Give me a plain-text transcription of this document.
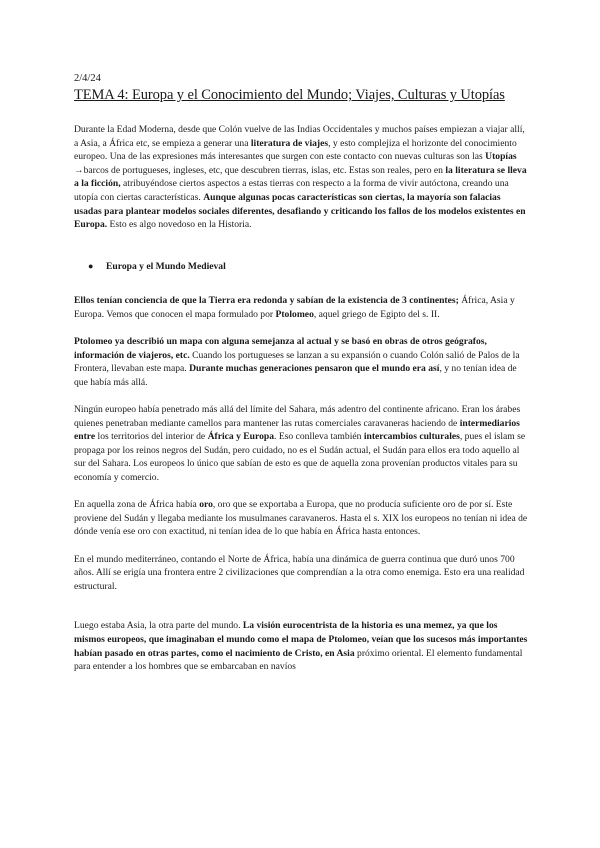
2/4/24

TEMA 4: Europa y el Conocimiento del Mundo; Viajes, Culturas y Utopías

Durante la Edad Moderna, desde que Colón vuelve de las Indias Occidentales y muchos países empiezan a viajar allí, a Asia, a África etc, se empieza a generar una literatura de viajes, y esto complejiza el horizonte del conocimiento europeo. Una de las expresiones más interesantes que surgen con este contacto con nuevas culturas son las Utopías →barcos de portugueses, ingleses, etc, que descubren tierras, islas, etc. Estas son reales, pero en la literatura se lleva a la ficción, atribuyéndose ciertos aspectos a estas tierras con respecto a la forma de vivir autóctona, creando una utopía con ciertas características. Aunque algunas pocas características son ciertas, la mayoría son falacias usadas para plantear modelos sociales diferentes, desafiando y criticando los fallos de los modelos existentes en Europa. Esto es algo novedoso en la Historia.

●	Europa y el Mundo Medieval

Ellos tenían conciencia de que la Tierra era redonda y sabían de la existencia de 3 continentes; África, Asia y Europa. Vemos que conocen el mapa formulado por Ptolomeo, aquel griego de Egipto del s. II.

Ptolomeo ya describió un mapa con alguna semejanza al actual y se basó en obras de otros geógrafos, información de viajeros, etc. Cuando los portugueses se lanzan a su expansión o cuando Colón salió de Palos de la Frontera, llevaban este mapa. Durante muchas generaciones pensaron que el mundo era así, y no tenían idea de que había más allá.

Ningún europeo había penetrado más allá del límite del Sahara, más adentro del continente africano. Eran los árabes quienes penetraban mediante camellos para mantener las rutas comerciales caravaneras haciendo de intermediarios entre los territorios del interior de África y Europa. Eso conlleva también intercambios culturales, pues el islam se propaga por los reinos negros del Sudán, pero cuidado, no es el Sudán actual, el Sudán para ellos era todo aquello al sur del Sahara. Los europeos lo único que sabían de esto es que de aquella zona provenían productos vitales para su economía y comercio.

En aquella zona de África había oro, oro que se exportaba a Europa, que no producía suficiente oro de por sí. Este proviene del Sudán y llegaba mediante los musulmanes caravaneros. Hasta el s. XIX los europeos no tenían ni idea de dónde venía ese oro con exactitud, ni tenían idea de lo que había en África hasta entonces.

En el mundo mediterráneo, contando el Norte de África, había una dinámica de guerra continua que duró unos 700 años. Allí se erigía una frontera entre 2 civilizaciones que comprendían a la otra como enemiga. Esto era una realidad estructural.

Luego estaba Asia, la otra parte del mundo. La visión eurocentrista de la historia es una memez, ya que los mismos europeos, que imaginaban el mundo como el mapa de Ptolomeo, veían que los sucesos más importantes habían pasado en otras partes, como el nacimiento de Cristo, en Asia próximo oriental. El elemento fundamental para entender a los hombres que se embarcaban en navíos
